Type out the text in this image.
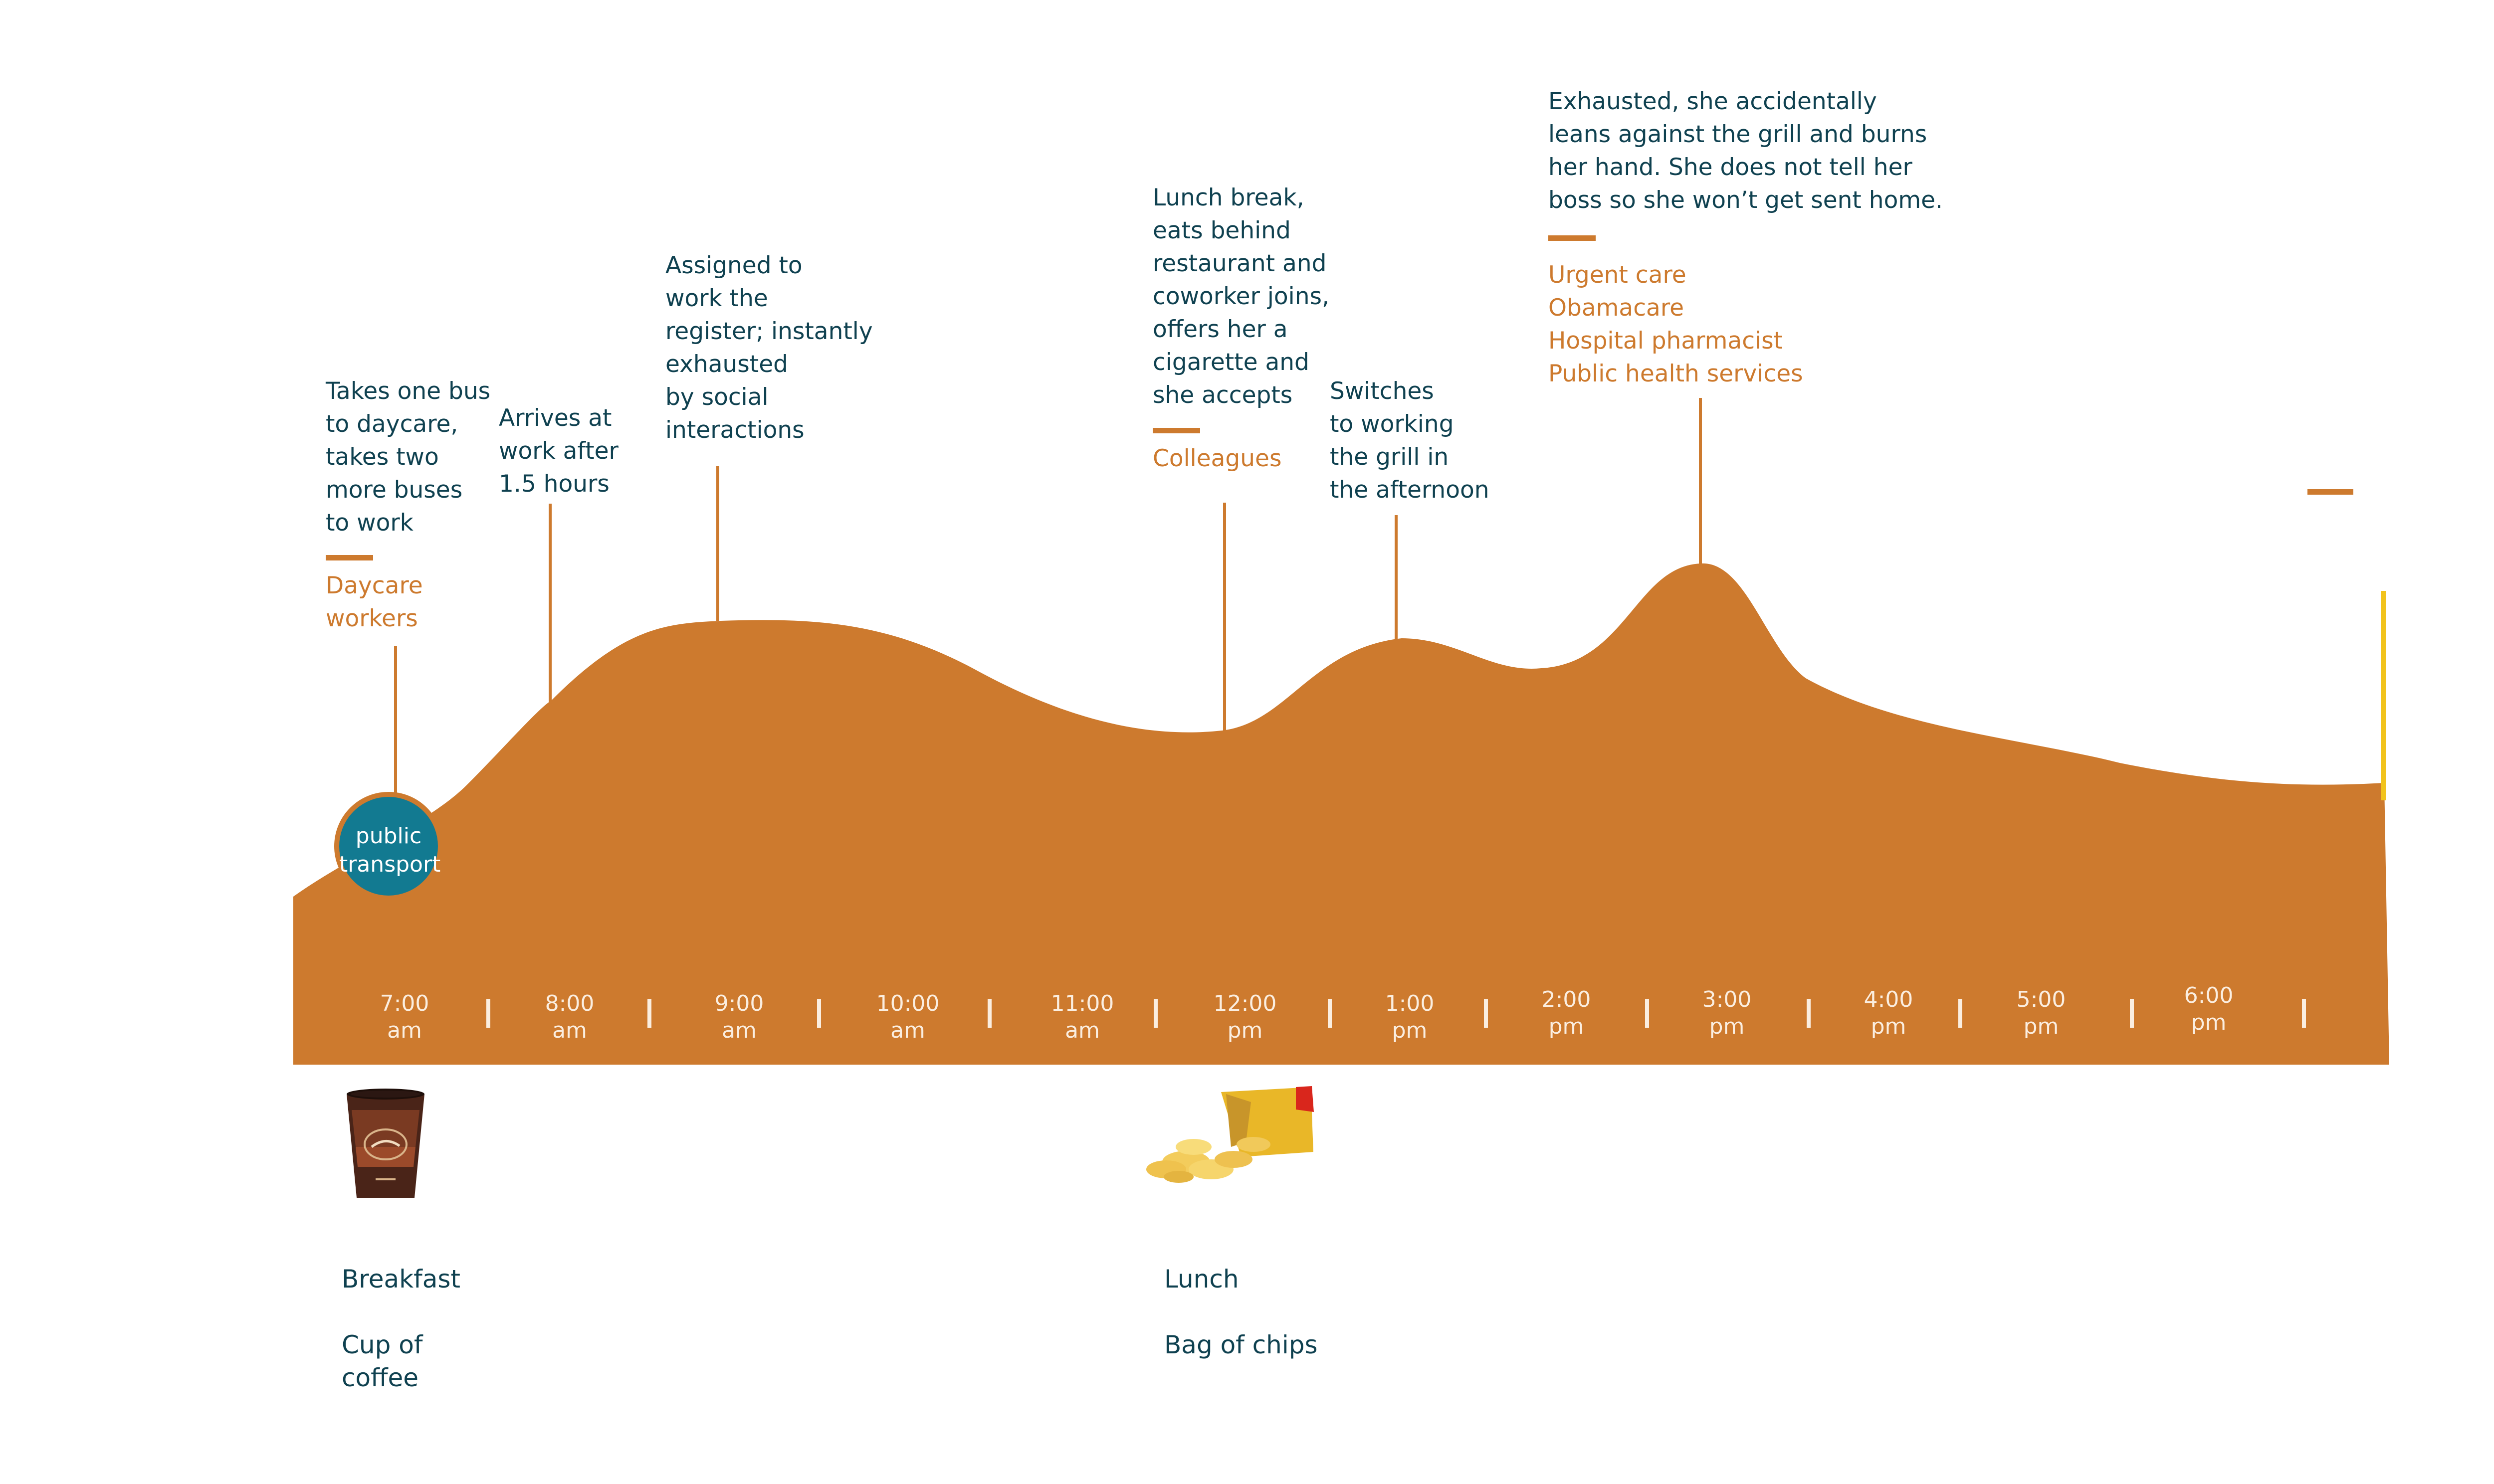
Takes one bus
to daycare,
takes two
more buses
to work
Daycare
workers
Arrives at
work after
1.5 hours
Assigned to
work the
register; instantly
exhausted
by social
interactions
Lunch break,
eats behind
restaurant and
coworker joins,
offers her a
cigarette and
she accepts
Colleagues
Switches
to working
the grill in
the afternoon
Exhausted, she accidentally
leans against the grill and burns
her hand. She does not tell her
boss so she won’t get sent home.
Urgent care
Obamacare
Hospital pharmacist
Public health services
public
transport
7:00
am
8:00
am
9:00
am
10:00
am
11:00
am
12:00
pm
1:00
pm
2:00
pm
3:00
pm
4:00
pm
5:00
pm
6:00
pm
Breakfast
Cup of
coffee
Lunch
Bag of chips
